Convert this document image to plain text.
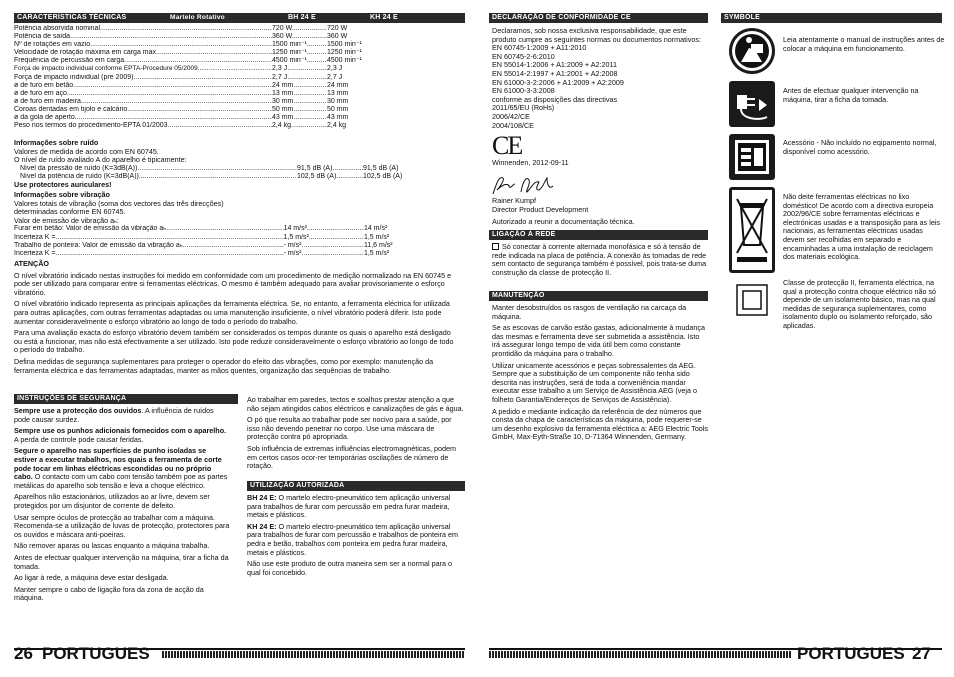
CARACTERÍSTICAS TÉCNICAS	Martelo Rotativo	BH 24 E	KH 24 E
Potência absorvida nominal .....	720 W .....	720 W
Potência de saída .....	360 W .....	360 W
Nº de rotações em vazio .....	1500 min⁻¹ .....	1500 min⁻¹
Velocidade de rotação máxima em carga max. .....	1250 min⁻¹ .....	1250 min⁻¹
Frequência de percussão em carga .....	4500 min⁻¹ .....	4500 min⁻¹
Força de impacto individual conforme EPTA-Procedure 05/2009 .....	2,3 J .....	2,3 J
Força de impacto individual (pre 2009) .....	2,7 J .....	2,7 J
ø de furo em betão .....	24 mm .....	24 mm
ø de furo em aço .....	13 mm .....	13 mm
ø de furo em madeira .....	30 mm .....	30 mm
Coroas dentadas em tijolo e calcário .....	50 mm .....	50 mm
ø da gola de aperto .....	43 mm .....	43 mm
Peso nos termos do procedimento-EPTA 01/2003 .....	2,4 kg .....	2,4 kg
Informações sobre ruído
Valores de medida de acordo com EN 60745.
O nível de ruído avaliado A do aparelho é tipicamente:
Nível da pressão de ruído (K=3dB(A)) .....	91,5 dB (A) .....	91,5 dB (A)
Nível da potência de ruído (K=3dB(A)) .....	102,5 dB (A) .....	102,5 dB (A)
Use protectores auriculares!
Informações sobre vibração
Valores totais de vibração (soma dos vectores das três direcções) determinadas conforme EN 60745.
Valor de emissão de vibração aₕ:
Furar em betão: Valor de emissão da vibração aₕ .....	14 m/s² .....	14 m/s²
Incerteza K = .....	1,5 m/s² .....	1,5 m/s²
Trabalho de ponteira: Valor de emissão da vibração aₕ .....	- m/s² .....	11,6 m/s²
Incerteza K = .....	- m/s² .....	1,5 m/s²
ATENÇÃO

O nível vibratório indicado nestas instruções foi medido em conformidade com um procedimento de medição normalizado na EN 60745 e pode ser utilizado para comparar entre si ferramentas eléctricas. O mesmo é também adequado para avaliar provisoriamente o esforço vibratório.

O nível vibratório indicado representa as principais aplicações da ferramenta eléctrica. Se, no entanto, a ferramenta eléctrica for utilizada para outras aplicações, com outras ferramentas adaptadas ou uma manutenção insuficiente, o nível vibratório poderá diferir. Isto pode aumentar consideravelmente o esforço vibratório ao longo de todo o período do trabalho.

Para uma avaliação exacta do esforço vibratório devem também ser considerados os tempos durante os quais o aparelho está desligado ou está a funcionar, mas não está efectivamente a ser utilizado. Isto pode reduzir consideravelmente o esforço vibratório ao longo de todo o período do trabalho.

Defina medidas de segurança suplementares para proteger o operador do efeito das vibrações, como por exemplo: manutenção da ferramenta eléctrica e das ferramentas adaptadas, manter as mãos quentes, organização das sequências de trabalho.

INSTRUÇÕES DE SEGURANÇA

Sempre use a protecção dos ouvidos. A influência de ruídos pode causar surdez.

Sempre use os punhos adicionais fornecidos com o aparelho. A perda de controle pode causar feridas.

Segure o aparelho nas superfícies de punho isoladas se estiver a executar trabalhos, nos quais a ferramenta de corte pode tocar em linhas eléctricas escondidas ou no próprio cabo. O contacto com um cabo com tensão também poe as partes metálicas do aparelho sob tensão e leva a choque eléctrico.

Aparelhos não estacionários, utilizados ao ar livre, devem ser protegidos por um disjuntor de corrente de defeito.

Usar sempre óculos de protecção ao trabalhar com a máquina. Recomenda-se a utilização de luvas de protecção, protectores para os ouvidos e máscara anti-poeiras.

Não remover aparas ou lascas enquanto a máquina trabalha.

Antes de efectuar qualquer intervenção na máquina, tirar a ficha da tomada.

Ao ligar à rede, a máquina deve estar desligada.

Manter sempre o cabo de ligação fora da zona de acção da máquina.

Ao trabalhar em paredes, tectos e soalhos prestar atenção a que não sejam atingidos cabos eléctricos e canalizações de gás e água.

O pó que resulta ao trabalhar pode ser nocivo para a saúde, por isso não devendo penetrar no corpo. Use uma máscara de protecção contra pó apropriada.

Sob influência de extremas influências electromagnéticas, podem em certos casos ocor-rer temporárias oscilações de número de rotação.

UTILIZAÇÃO AUTORIZADA

BH 24 E: O martelo electro-pneumático tem aplicação universal para trabalhos de furar com percussão em pedra furar madeira, metais e plásticos.

KH 24 E: O martelo electro-pneumático tem aplicação universal para trabalhos de furar com percussão e trabalhos de ponteira em pedra e betão, trabalhos com ponteira em pedra furar madeira, metais e plásticos.

Não use este produto de outra maneira sem ser a normal para o qual foi concebido.

26 PORTUGUES
DECLARAÇÃO DE CONFORMIDADE CE
Declaramos, sob nossa exclusiva responsabilidade, que este produto cumpre as seguintes normas ou documentos normativos:
EN 60745-1:2009 + A11:2010
EN 60745-2-6:2010
EN 55014-1:2006 + A1:2009 + A2:2011
EN 55014-2:1997 + A1:2001 + A2:2008
EN 61000-3-2:2006 + A1:2009 + A2:2009
EN 61000-3-3:2008
conforme as disposições das directivas
2011/65/EU (RoHs)
2006/42/CE
2004/108/CE
CE
Winnenden, 2012-09-11
Rainer Kumpf
Director Product Development
Autorizado a reunir a documentação técnica.
LIGAÇÃO À REDE

Só conectar à corrente alternada monofásica e só à tensão de rede indicada na placa de potência. A conexão às tomadas de rede sem contacto de segurança também é possível, pois trata-se duma construção da classe de protecção II.

MANUTENÇÃO

Manter desobstruídos os rasgos de ventilação na carcaça da máquina.

Se as escovas de carvão estão gastas, adicionalmente à mudança das mesmas e ferramenta deve ser submetida a assistência. Isto irá assegurar longo tempo de vida útil bem como constante prontidão da máquina para o trabalho.

Utilizar unicamente acessórios e peças sobressalentes da AEG. Sempre que a substituição de um componente não tenha sido descrita nas instruções, será de toda a conveniência mandar executar esse trabalho a um Serviço de Assistência AEG (veja o folheto Garantia/Endereços de Serviços de Assistência).

A pedido e mediante indicação da referência de dez números que consta da chapa de características da máquina, pode requerer-se um desenho explosivo da ferramenta eléctrica a: AEG Electric Tools GmbH, Max-Eyth-Straße 10, D-71364 Winnenden, Germany.

SYMBOLE
Leia atentamente o manual de instruções antes de colocar a máquina em funcionamento.
Antes de efectuar qualquer intervenção na máquina, tirar a ficha da tomada.
Acessório - Não incluído no eqipamento normal, disponível como acessório.
Não deite ferramentas eléctricas no lixo doméstico! De acordo com a directiva europeia 2002/96/CE sobre ferramentas eléctricas e electrónicas usadas e a transposição para as leis nacionais, as ferramentas eléctricas usadas devem ser recolhidas em separado e encaminhadas a uma instalação de reciclagem dos materiais ecológica.
Classe de protecção II, ferramenta eléctrica, na qual a protecção contra choque eléctrico não só depende de um isolamento básico, mas na qual medidas de segurança suplementares, como isolamento duplo ou isolamento reforçado, são aplicadas.
PORTUGUES 27
